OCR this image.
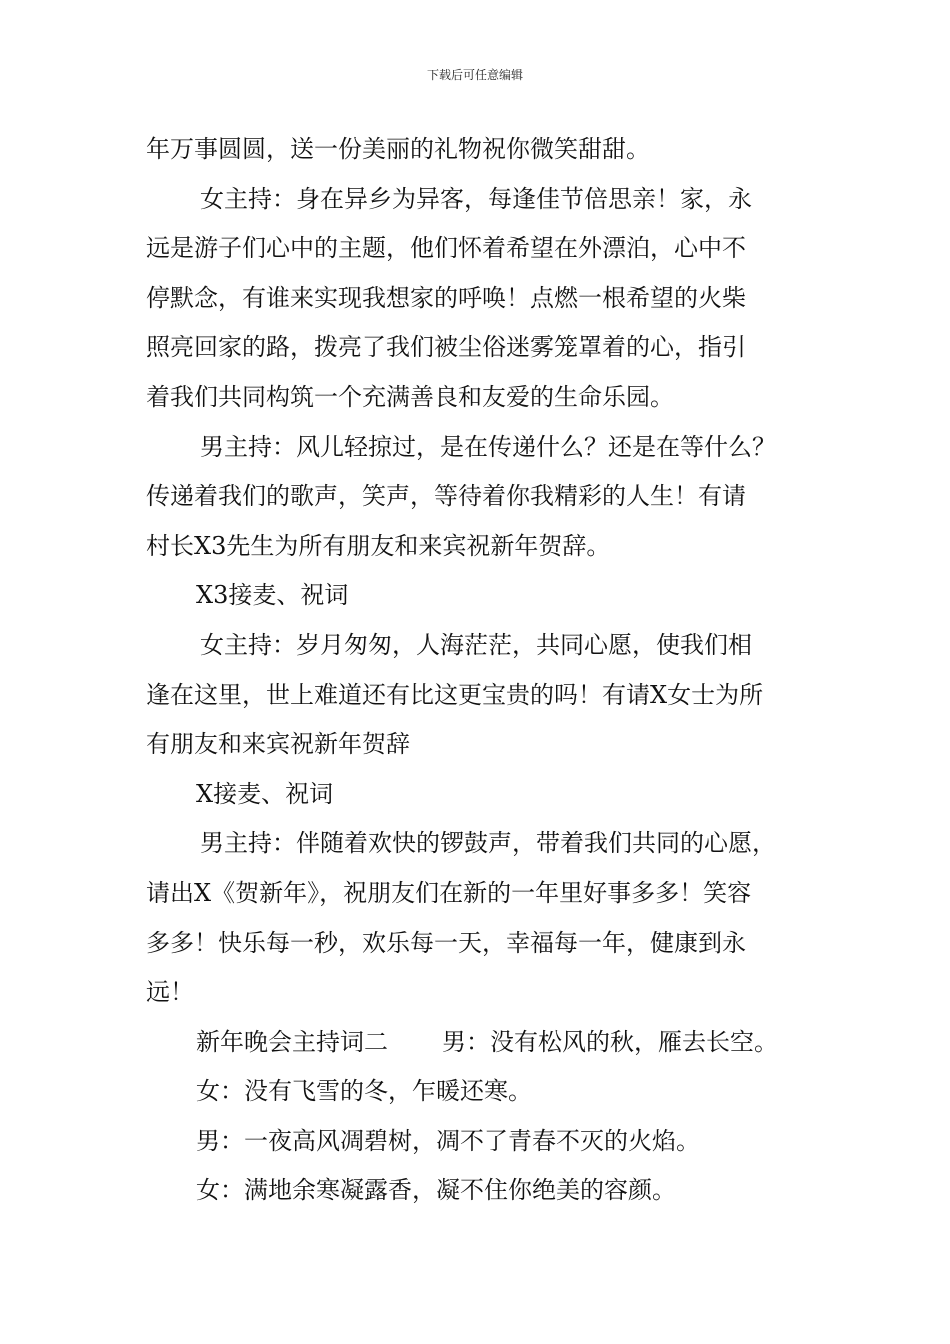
下载后可任意编辑
年万事圆圆，送一份美丽的礼物祝你微笑甜甜。
女主持：身在异乡为异客，每逢佳节倍思亲！家，永
远是游子们心中的主题，他们怀着希望在外漂泊，心中不
停默念，有谁来实现我想家的呼唤！点燃一根希望的火柴
照亮回家的路，拨亮了我们被尘俗迷雾笼罩着的心，指引
着我们共同构筑一个充满善良和友爱的生命乐园。
男主持：风儿轻掠过，是在传递什么？还是在等什么？
传递着我们的歌声，笑声，等待着你我精彩的人生！有请
村长X3先生为所有朋友和来宾祝新年贺辞。
X3接麦、祝词
女主持：岁月匆匆，人海茫茫，共同心愿，使我们相
逢在这里，世上难道还有比这更宝贵的吗！有请X女士为所
有朋友和来宾祝新年贺辞
X接麦、祝词
男主持：伴随着欢快的锣鼓声，带着我们共同的心愿，
请出X《贺新年》，祝朋友们在新的一年里好事多多！笑容
多多！快乐每一秒，欢乐每一天，幸福每一年，健康到永
远！
新年晚会主持词二 男：没有松风的秋，雁去长空。
女：没有飞雪的冬，乍暖还寒。
男：一夜高风凋碧树，凋不了青春不灭的火焰。
女：满地余寒凝露香，凝不住你绝美的容颜。
